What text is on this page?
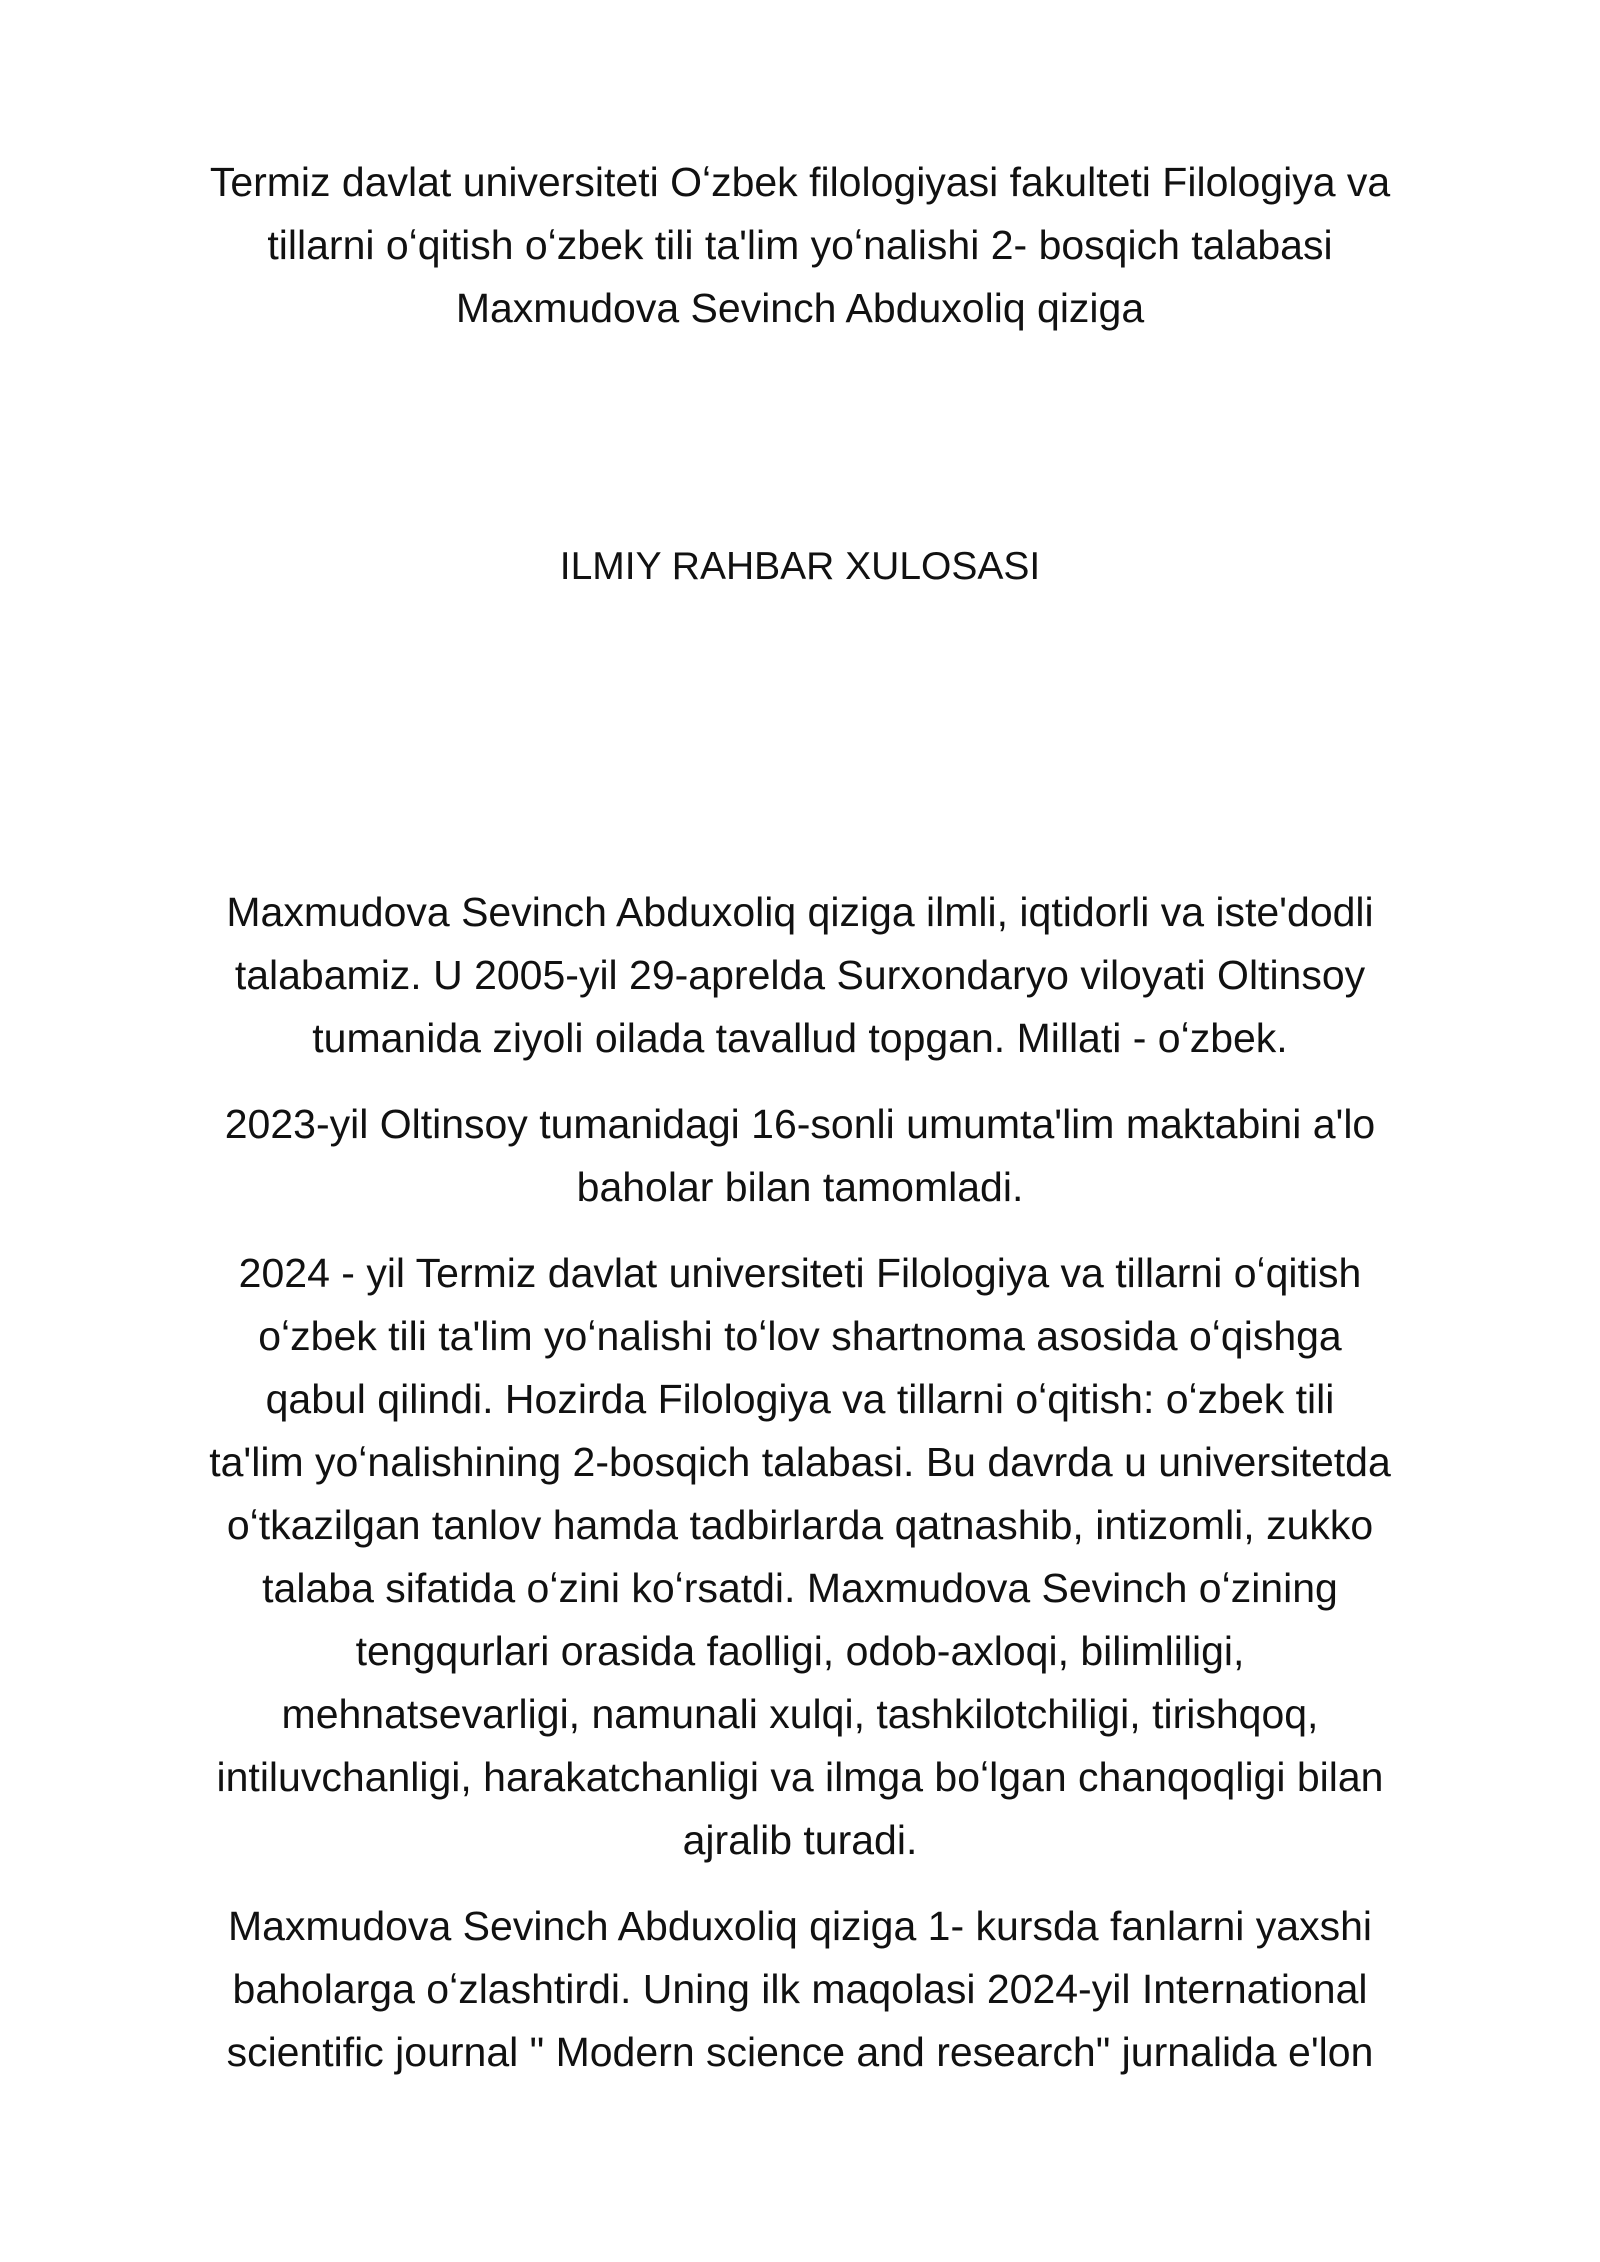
Termiz davlat universiteti Oʻzbek filologiyasi fakulteti Filologiya va
tillarni oʻqitish oʻzbek tili ta'lim yoʻnalishi 2- bosqich talabasi
Maxmudova Sevinch Abduxoliq qiziga
ILMIY RAHBAR XULOSASI
Maxmudova Sevinch Abduxoliq qiziga ilmli, iqtidorli va iste'dodli
talabamiz. U 2005-yil 29-aprelda Surxondaryo viloyati Oltinsoy
tumanida ziyoli oilada tavallud topgan. Millati - oʻzbek.
2023-yil Oltinsoy tumanidagi 16-sonli umumta'lim maktabini a'lo
baholar bilan tamomladi.
2024 - yil Termiz davlat universiteti Filologiya va tillarni oʻqitish
oʻzbek tili ta'lim yoʻnalishi toʻlov shartnoma asosida oʻqishga
qabul qilindi. Hozirda Filologiya va tillarni oʻqitish: oʻzbek tili
ta'lim yoʻnalishining 2-bosqich talabasi. Bu davrda u universitetda
oʻtkazilgan tanlov hamda tadbirlarda qatnashib, intizomli, zukko
talaba sifatida oʻzini koʻrsatdi. Maxmudova Sevinch oʻzining
tengqurlari orasida faolligi, odob-axloqi, bilimliligi,
mehnatsevarligi, namunali xulqi, tashkilotchiligi, tirishqoq,
intiluvchanligi, harakatchanligi va ilmga boʻlgan chanqoqligi bilan
ajralib turadi.
Maxmudova Sevinch Abduxoliq qiziga 1- kursda fanlarni yaxshi
baholarga oʻzlashtirdi. Uning ilk maqolasi 2024-yil International
scientific journal " Modern science and research" jurnalida e'lon
